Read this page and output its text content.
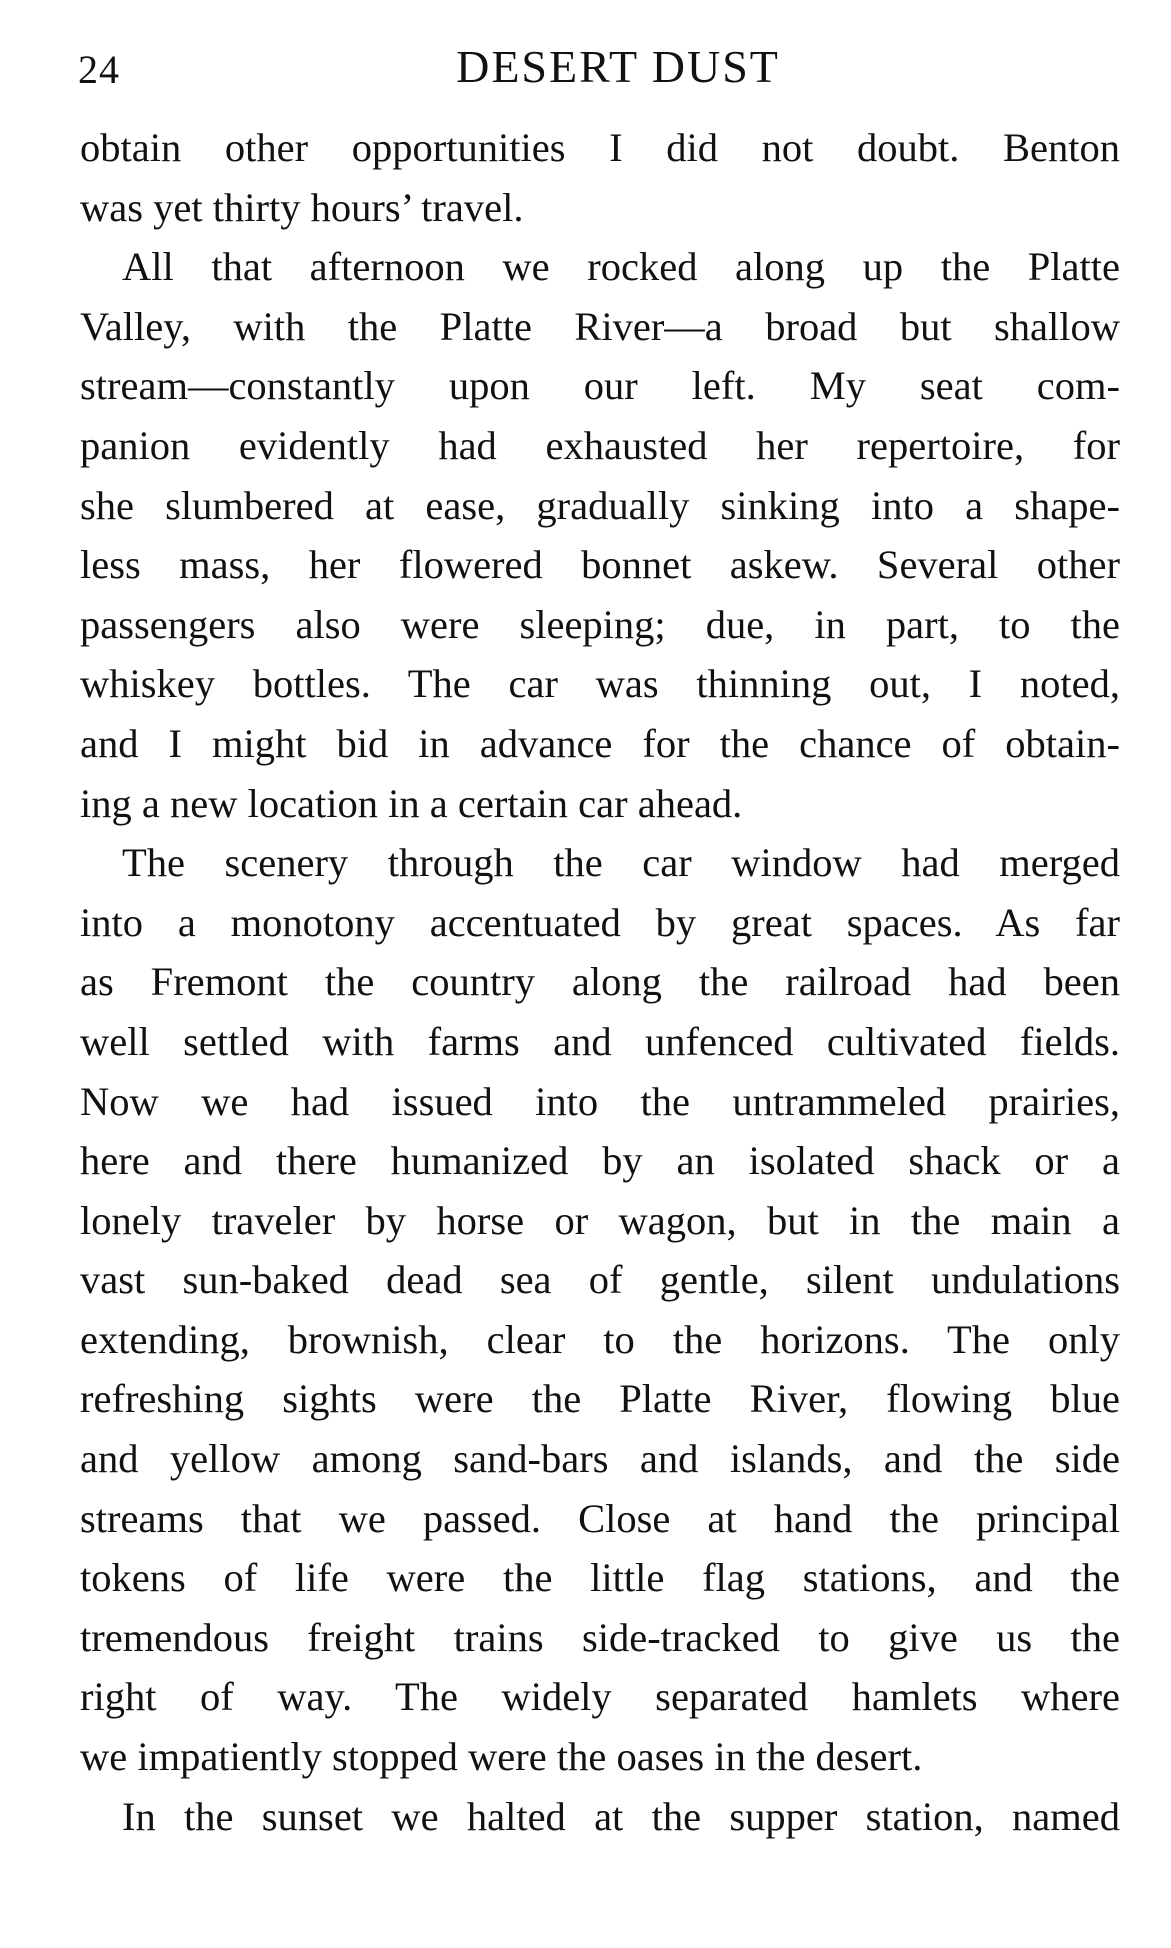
24	DESERT DUST
obtain other opportunities I did not doubt. Benton
was yet thirty hours’ travel.
All that afternoon we rocked along up the Platte
Valley, with the Platte River—a broad but shallow
stream—constantly upon our left. My seat com-
panion evidently had exhausted her repertoire, for
she slumbered at ease, gradually sinking into a shape-
less mass, her flowered bonnet askew. Several other
passengers also were sleeping; due, in part, to the
whiskey bottles. The car was thinning out, I noted,
and I might bid in advance for the chance of obtain-
ing a new location in a certain car ahead.
The scenery through the car window had merged
into a monotony accentuated by great spaces. As far
as Fremont the country along the railroad had been
well settled with farms and unfenced cultivated fields.
Now we had issued into the untrammeled prairies,
here and there humanized by an isolated shack or a
lonely traveler by horse or wagon, but in the main a
vast sun-baked dead sea of gentle, silent undulations
extending, brownish, clear to the horizons. The only
refreshing sights were the Platte River, flowing blue
and yellow among sand-bars and islands, and the side
streams that we passed. Close at hand the principal
tokens of life were the little flag stations, and the
tremendous freight trains side-tracked to give us the
right of way. The widely separated hamlets where
we impatiently stopped were the oases in the desert.
In the sunset we halted at the supper station, named
